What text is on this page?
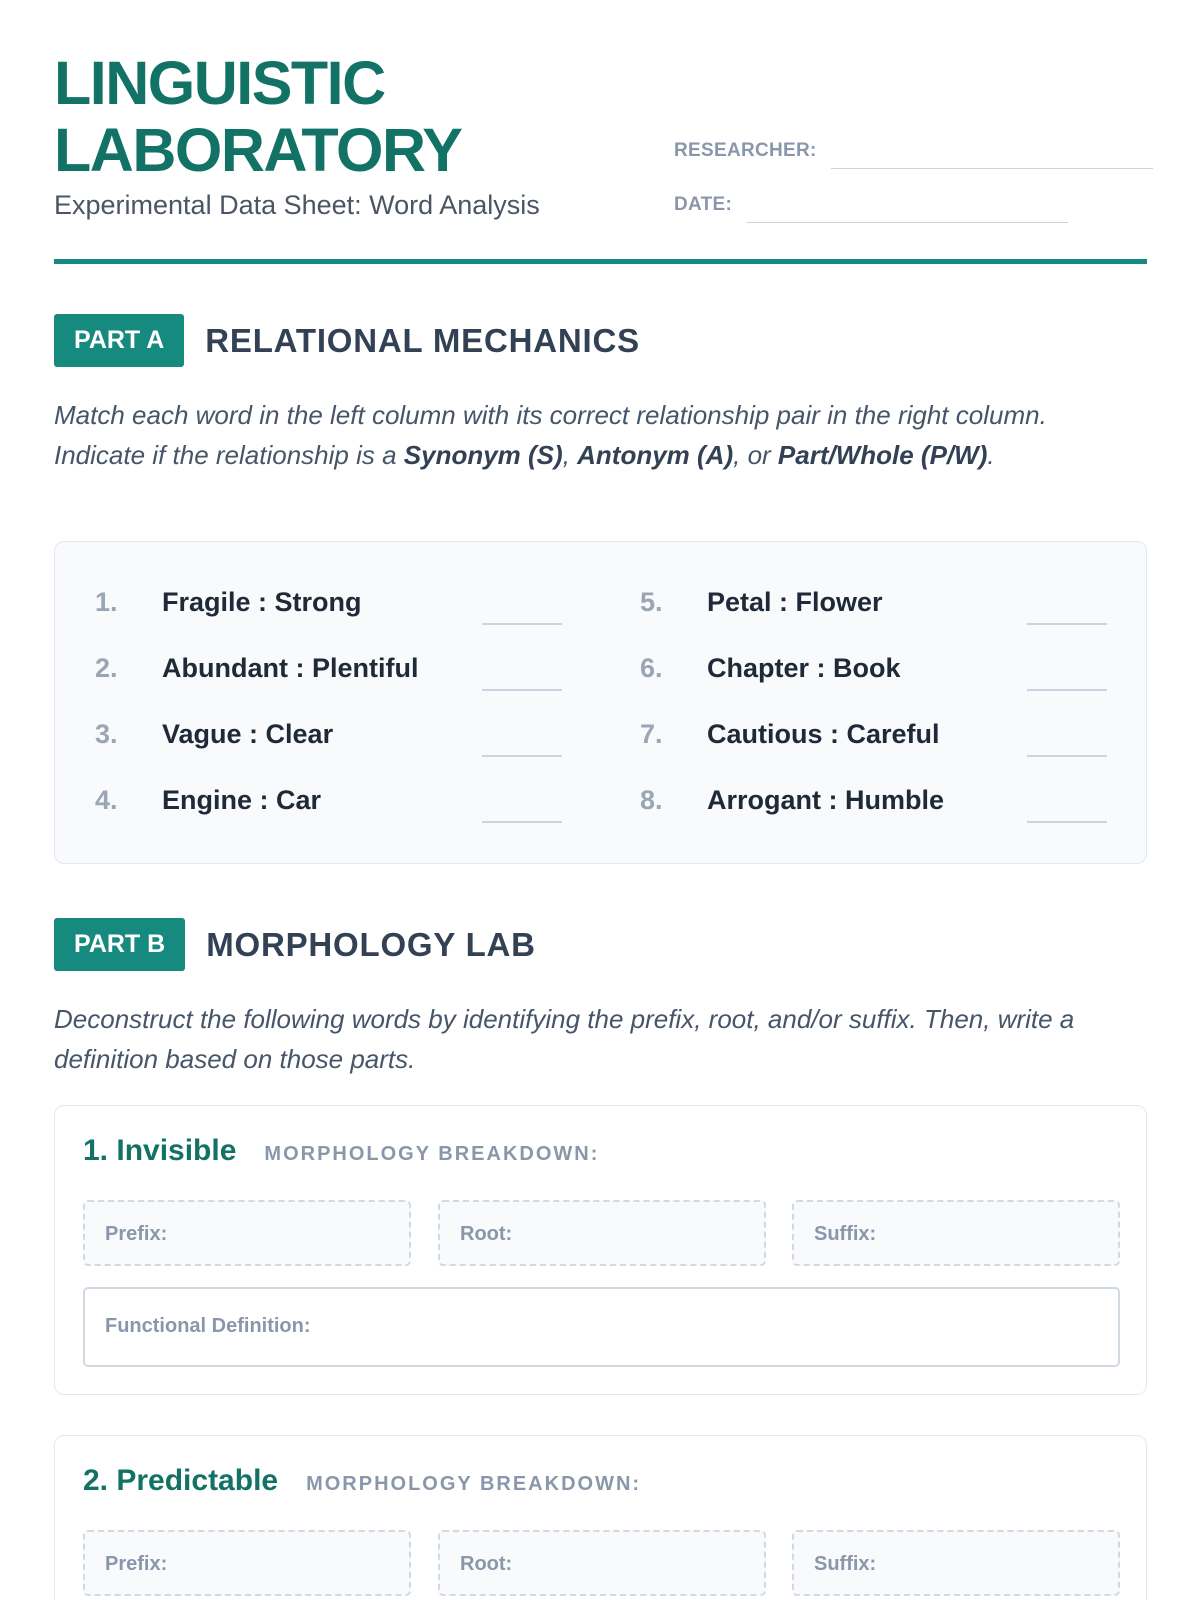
LINGUISTIC
LABORATORY
Experimental Data Sheet: Word Analysis
RESEARCHER:
DATE:
PART A	RELATIONAL MECHANICS

Match each word in the left column with its correct relationship pair in the right column. Indicate if the relationship is a Synonym (S), Antonym (A), or Part/Whole (P/W).

1. Fragile : Strong
2. Abundant : Plentiful
3. Vague : Clear
4. Engine : Car
5. Petal : Flower
6. Chapter : Book
7. Cautious : Careful
8. Arrogant : Humble
PART B	MORPHOLOGY LAB

Deconstruct the following words by identifying the prefix, root, and/or suffix. Then, write a definition based on those parts.

1. Invisible MORPHOLOGY BREAKDOWN:
Prefix:	Root:	Suffix:
Functional Definition:
2. Predictable MORPHOLOGY BREAKDOWN:
Prefix:	Root:	Suffix:
